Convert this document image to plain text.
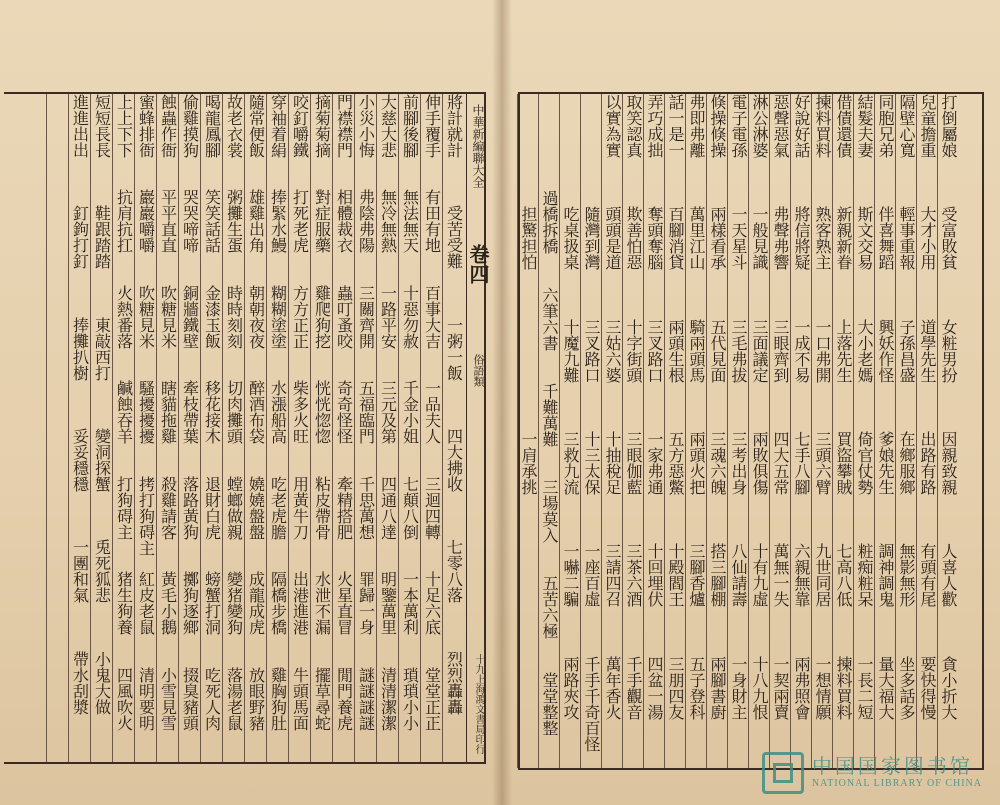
中華新編聯大全
卷四
俗語類
十九上海鴻文書局印行
將計就計
受苦受難
一粥一飯
四大拂收
七零八落
烈烈轟轟
伸手覆手
有田有地
百事大吉
一品夫人
三迴四轉
十足六底
堂堂正正
前腳後腳
無法無天
十惡勿赦
千金小姐
七顛八倒
一本萬利
瑣瑣小小
大慈大悲
無冷無熱
一路平安
三元及第
四通八達
明鑒萬里
清清潔潔
小災小悔
弗陰弗陽
三關齊開
五福臨門
千思萬想
罪歸一身
謎謎謎謎
門襟襟門
相體裁衣
蟲叮蚤咬
奇奇怪怪
牽精搭肥
火星直冒
閒門養虎
摘菊菊摘
對症服藥
雞爬狗挖
恍恍惚惚
粘皮帶骨
水泄不漏
擺草尋蛇
咬釘嚼鐵
打死老虎
方方正正
柴多火旺
用黃牛刀
出港進港
牛頭馬面
穿袖着絹
捧緊水鰻
糊糊塗塗
水漲船高
吃老虎膽
隔橋步橋
雞胸狗肚
隨常便飯
雄雞出角
朝朝夜夜
醉酒布袋
嬈嬈盤盤
成龍成虎
放眼野豬
故老衣裳
粥攤生蛋
時時刻刻
切肉攤頭
螳螂做親
變猪變狗
落湯老鼠
喝龍鳳腳
笑笑話話
金漆玉飯
移花接木
退財白虎
螃蟹打洞
吃死人肉
偷雞摸狗
哭哭啼啼
銅牆鐵壁
牽枝帶葉
落路黃狗
擲狗逐鄉
掇臭豬頭
蝕蟲作衙
平平直直
吹糖見米
瞎貓拖雞
殺雞請客
黃毛小鵝
小雪見雪
蜜蜂排衙
巖巖嚼嚼
吹糖見米
騷擾擾擾
拷打狗碍主
紅皮老鼠
清明要明
上上下下
抗肩抗扛
火熱番落
鹹蝕吞羊
打狗碍主
猪生狗養
四風吹火
短短長長
鞋跟踏踏
東敲西打
變洞探蟹
兎死狐悲
小鬼大做
進進出出
釘鉤打釘
捧攤扒樹
妥妥穩穩
一團和氣
帶水刮漿
打倒屬娘
受富敗貧
女粧男扮
因親致親
人喜人歡
貪小折大
兒童擔重
大才小用
道學先生
出路有路
有頭有尾
要快得慢
隔壁心寬
輕事重報
子孫昌盛
在鄉服鄉
無影無形
坐多話多
同胞兄弟
伴喜舞蹈
興妖作怪
爹娘先生
調神調鬼
量大福大
結髮夫妻
斯文交易
大小老媽
倚官仗勢
粧痴粧呆
一長二短
借債還債
新親新眷
上落先生
買盜攀賊
七高八低
揀料買料
揀料買料
熟客熟主
一口弗開
三頭六臂
九世同居
一想情願
好說好話
將信將疑
一成不易
七手八腳
六親無靠
兩弗照會
惡聲惡氣
弗聲弗響
三眼齊到
四大五常
萬無一失
一契兩賣
淋公淋婆
一般見識
三面議定
兩敗俱傷
十有九虛
十八九恨
電子電孫
一天星斗
三毛弗拔
三考出身
八仙請壽
一身財主
倏操倏操
兩樣看承
五代見面
三魂六魄
搭三腳棚
兩腳書廚
弗即弗離
萬里江山
騎兩頭馬
兩頭火把
三腳香爐
五子登科
話一是一
百腳消貸
兩頭生根
五方惡鱉
十殿閻王
三朋四友
弄巧成拙
奪頭奪腦
三叉路口
一家弗通
十回埋伏
四盆一湯
取笑認真
欺善怕惡
十字街頭
三眼伽藍
三茶六酒
千手觀音
以實為實
頭頭是道
三姑六婆
十抽稅足
三請四召
萬年香火
隨灣到灣
三叉路口
十三太保
一座百虛
千手千奇百怪
吃桌扱桌
十魔九難
三救九流
一嚇二騙
兩路夾攻
過橋拆橋
六筆六書
千難萬難
三場莫入
五苦六極
堂堂整整
担驚担怕
一肩承挑
中国国家图书馆
NATIONAL LIBRARY OF CHINA
